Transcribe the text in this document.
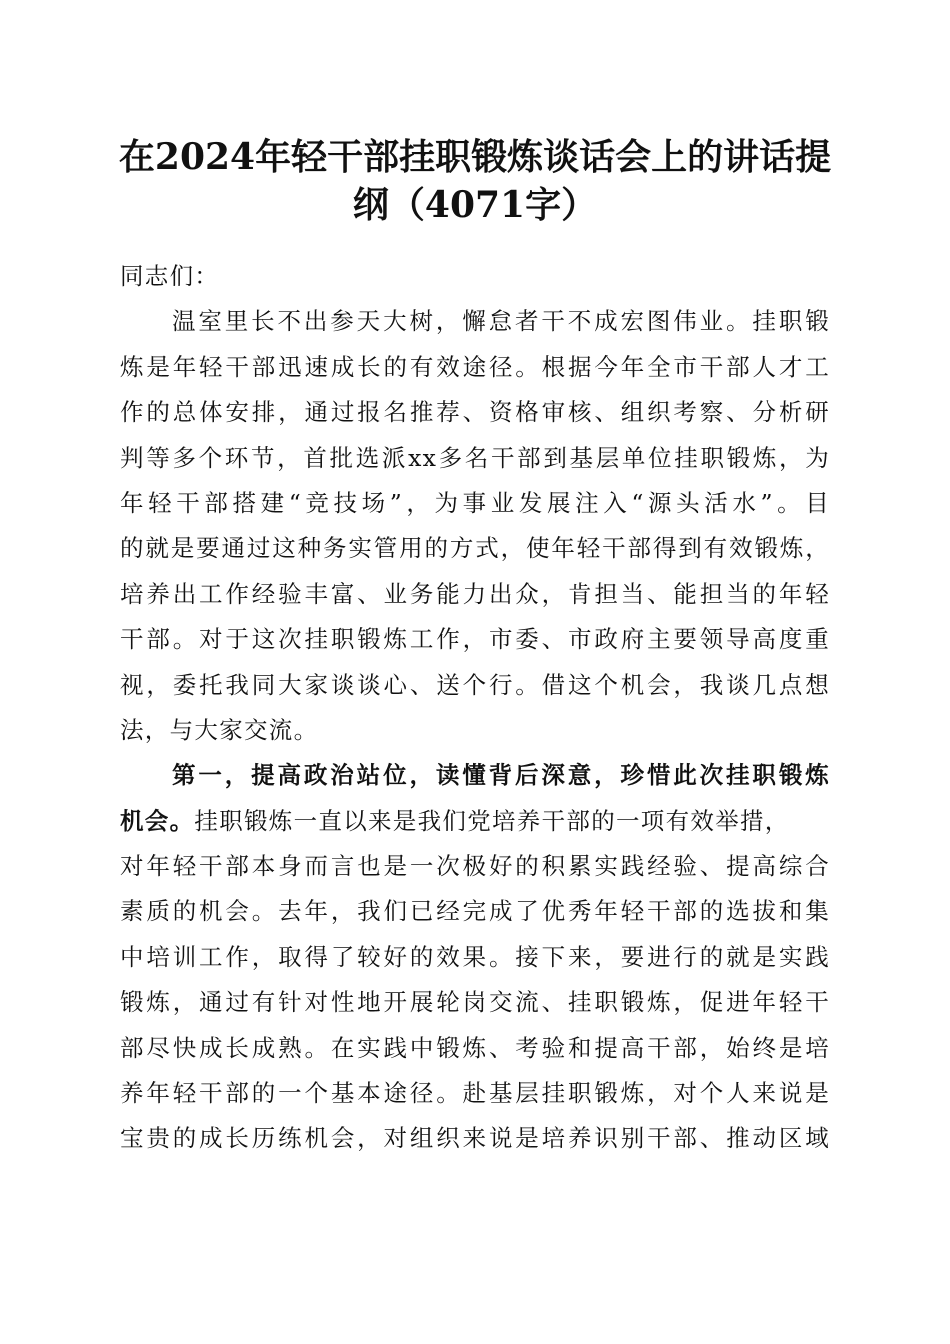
在2024年轻干部挂职锻炼谈话会上的讲话提
纲（4071字）
同志们：
温室里长不出参天大树，懈怠者干不成宏图伟业。挂职锻
炼是年轻干部迅速成长的有效途径。根据今年全市干部人才工
作的总体安排，通过报名推荐、资格审核、组织考察、分析研
判等多个环节，首批选派xx多名干部到基层单位挂职锻炼，为
年轻干部搭建“竞技场”，为事业发展注入“源头活水”。目
的就是要通过这种务实管用的方式，使年轻干部得到有效锻炼，
培养出工作经验丰富、业务能力出众，肯担当、能担当的年轻
干部。对于这次挂职锻炼工作，市委、市政府主要领导高度重
视，委托我同大家谈谈心、送个行。借这个机会，我谈几点想
法，与大家交流。
第一，提高政治站位，读懂背后深意，珍惜此次挂职锻炼
机会。挂职锻炼一直以来是我们党培养干部的一项有效举措，
对年轻干部本身而言也是一次极好的积累实践经验、提高综合
素质的机会。去年，我们已经完成了优秀年轻干部的选拔和集
中培训工作，取得了较好的效果。接下来，要进行的就是实践
锻炼，通过有针对性地开展轮岗交流、挂职锻炼，促进年轻干
部尽快成长成熟。在实践中锻炼、考验和提高干部，始终是培
养年轻干部的一个基本途径。赴基层挂职锻炼，对个人来说是
宝贵的成长历练机会，对组织来说是培养识别干部、推动区域
